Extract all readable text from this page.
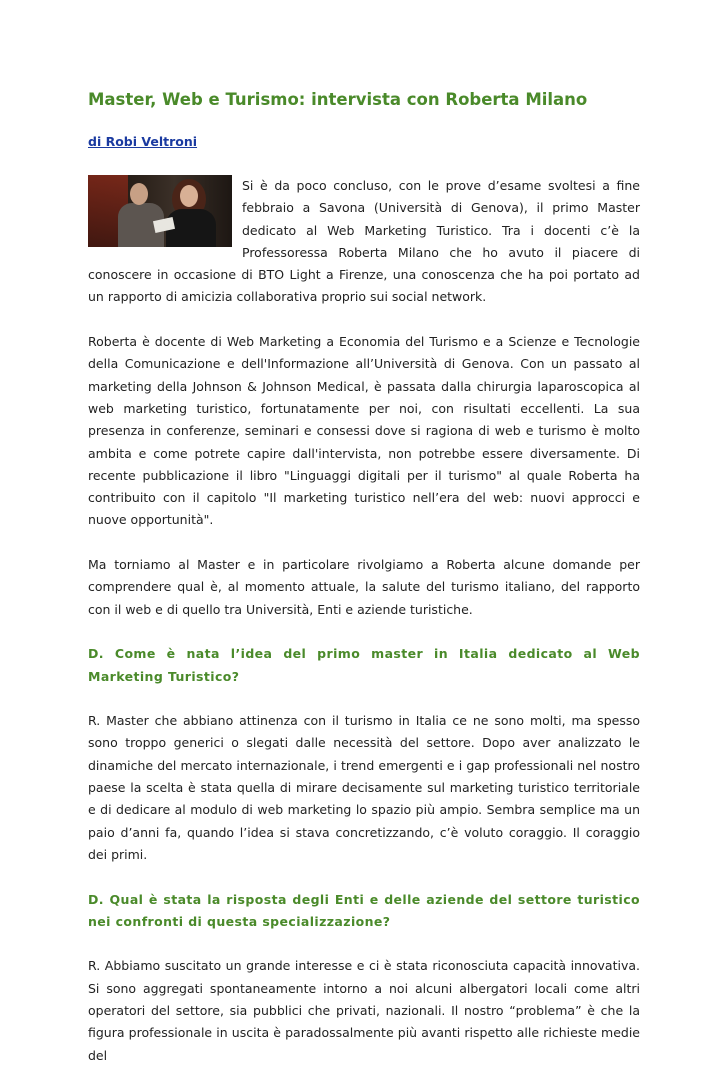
Master, Web e Turismo: intervista con Roberta Milano
di Robi Veltroni

Si è da poco concluso, con le prove d’esame svoltesi a fine febbraio a Savona (Università di Genova), il primo Master dedicato al Web Marketing Turistico. Tra i docenti c’è la Professoressa Roberta Milano che ho avuto il piacere di conoscere in occasione di BTO Light a Firenze, una conoscenza che ha poi portato ad un rapporto di amicizia collaborativa proprio sui social network.

Roberta è docente di Web Marketing a Economia del Turismo e a Scienze e Tecnologie della Comunicazione e dell'Informazione all’Università di Genova. Con un passato al marketing della Johnson & Johnson Medical, è passata dalla chirurgia laparoscopica al web marketing turistico, fortunatamente per noi, con risultati eccellenti. La sua presenza in conferenze, seminari e consessi dove si ragiona di web e turismo è molto ambita e come potrete capire dall'intervista, non potrebbe essere diversamente. Di recente pubblicazione il libro "Linguaggi digitali per il turismo" al quale Roberta ha contribuito con il capitolo "Il marketing turistico nell’era del web: nuovi approcci e nuove opportunità".

Ma torniamo al Master e in particolare rivolgiamo a Roberta alcune domande per comprendere qual è, al momento attuale, la salute del turismo italiano, del rapporto con il web e di quello tra Università, Enti e aziende turistiche.

D. Come è nata l’idea del primo master in Italia dedicato al Web Marketing Turistico?

R. Master che abbiano attinenza con il turismo in Italia ce ne sono molti, ma spesso sono troppo generici o slegati dalle necessità del settore. Dopo aver analizzato le dinamiche del mercato internazionale, i trend emergenti e i gap professionali nel nostro paese la scelta è stata quella di mirare decisamente sul marketing turistico territoriale e di dedicare al modulo di web marketing lo spazio più ampio. Sembra semplice ma un paio d’anni fa, quando l’idea si stava concretizzando, c’è voluto coraggio. Il coraggio dei primi.

D. Qual è stata la risposta degli Enti e delle aziende del settore turistico nei confronti di questa specializzazione?

R. Abbiamo suscitato un grande interesse e ci è stata riconosciuta capacità innovativa. Si sono aggregati spontaneamente intorno a noi alcuni albergatori locali come altri operatori del settore, sia pubblici che privati, nazionali. Il nostro “problema” è che la figura professionale in uscita è paradossalmente più avanti rispetto alle richieste medie del
